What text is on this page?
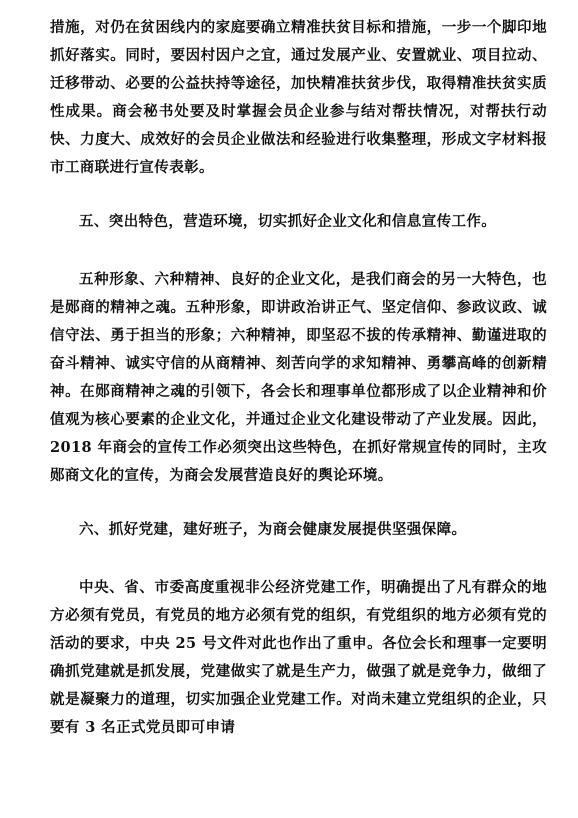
措施，对仍在贫困线内的家庭要确立精准扶贫目标和措施，一步一个脚印地抓好落实。同时，要因村因户之宜，通过发展产业、安置就业、项目拉动、迁移带动、必要的公益扶持等途径，加快精准扶贫步伐，取得精准扶贫实质性成果。商会秘书处要及时掌握会员企业参与结对帮扶情况，对帮扶行动快、力度大、成效好的会员企业做法和经验进行收集整理，形成文字材料报市工商联进行宣传表彰。

五、突出特色，营造环境，切实抓好企业文化和信息宣传工作。

五种形象、六种精神、良好的企业文化，是我们商会的另一大特色，也是郧商的精神之魂。五种形象，即讲政治讲正气、坚定信仰、参政议政、诚信守法、勇于担当的形象；六种精神，即坚忍不拔的传承精神、勤谨进取的奋斗精神、诚实守信的从商精神、刻苦向学的求知精神、勇攀高峰的创新精神。在郧商精神之魂的引领下，各会长和理事单位都形成了以企业精神和价值观为核心要素的企业文化，并通过企业文化建设带动了产业发展。因此，2018 年商会的宣传工作必须突出这些特色，在抓好常规宣传的同时，主攻郧商文化的宣传，为商会发展营造良好的舆论环境。

六、抓好党建，建好班子，为商会健康发展提供坚强保障。

中央、省、市委高度重视非公经济党建工作，明确提出了凡有群众的地方必须有党员，有党员的地方必须有党的组织，有党组织的地方必须有党的活动的要求，中央 25 号文件对此也作出了重申。各位会长和理事一定要明确抓党建就是抓发展，党建做实了就是生产力，做强了就是竞争力，做细了就是凝聚力的道理，切实加强企业党建工作。对尚未建立党组织的企业，只要有 3 名正式党员即可申请
